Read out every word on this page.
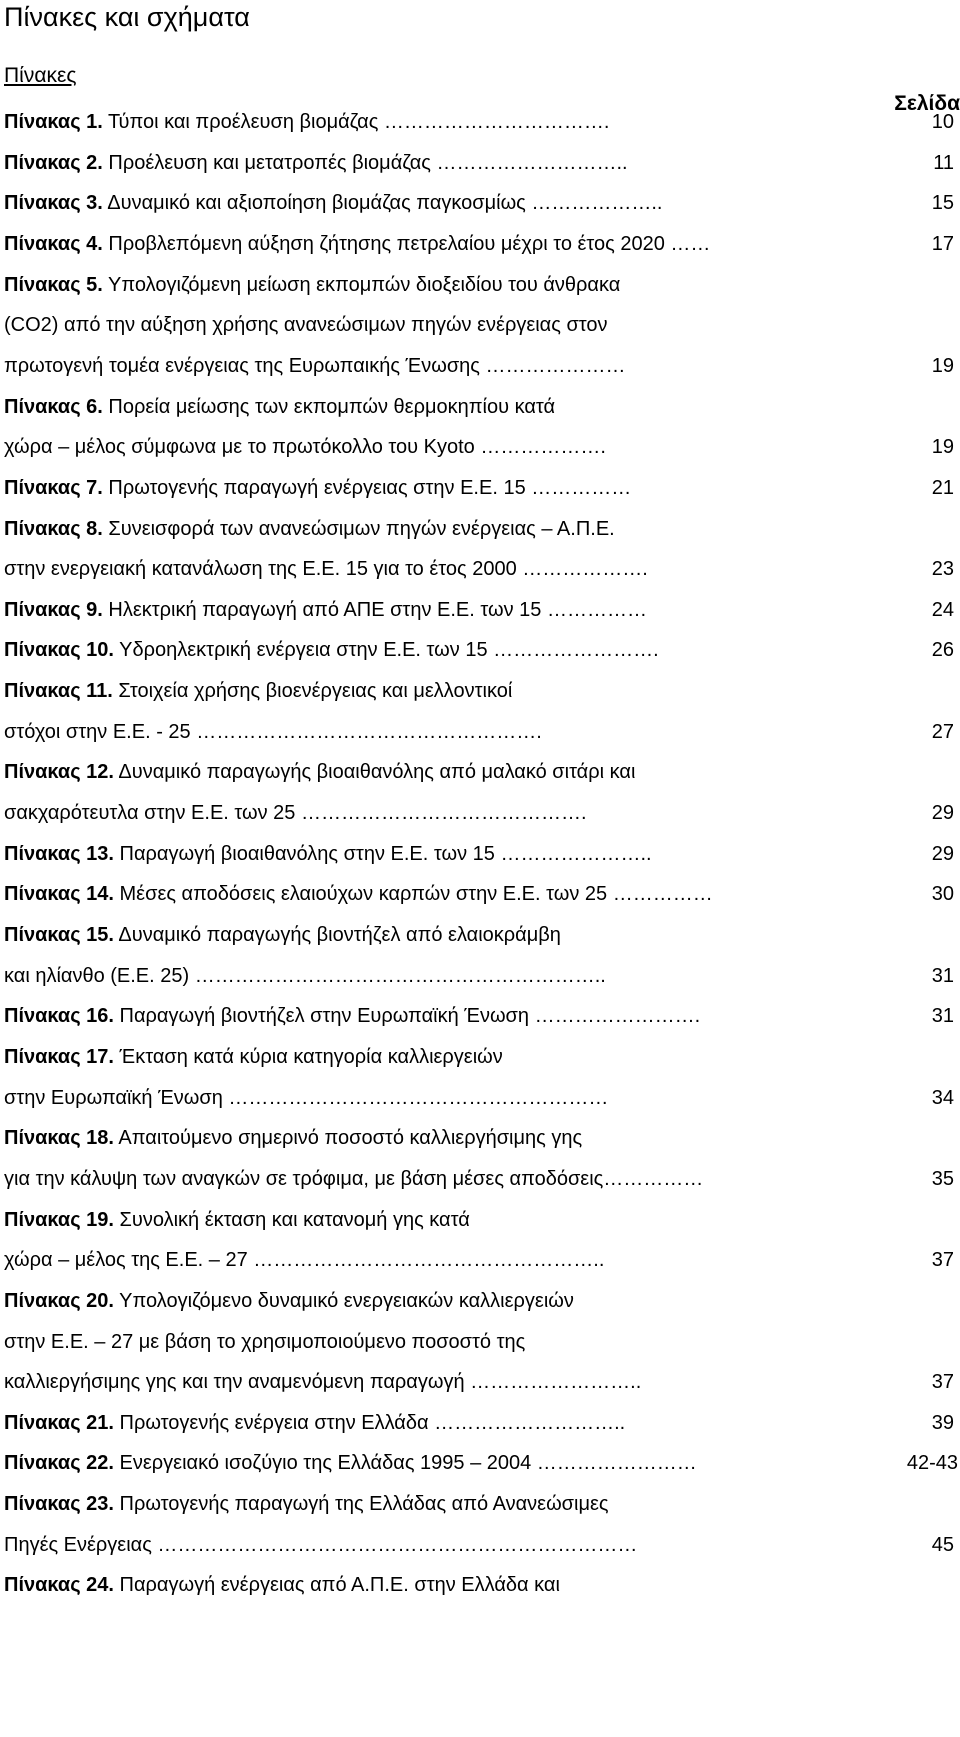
Πίνακες και σχήματα
Πίνακες
Σελίδα
Πίνακας 1. Τύποι και προέλευση βιομάζας …………………………….	10
Πίνακας 2. Προέλευση και μετατροπές βιομάζας ………………………..	11
Πίνακας 3. Δυναμικό και αξιοποίηση βιομάζας παγκοσμίως ………………..	15
Πίνακας 4. Προβλεπόμενη αύξηση ζήτησης πετρελαίου μέχρι το έτος 2020 ……	17
Πίνακας 5. Υπολογιζόμενη μείωση εκπομπών διοξειδίου του άνθρακα
(CO2) από την αύξηση χρήσης ανανεώσιμων πηγών ενέργειας στον
πρωτογενή τομέα ενέργειας της Ευρωπαικής Ένωσης …………………	19
Πίνακας 6. Πορεία μείωσης των εκπομπών θερμοκηπίου κατά
χώρα – μέλος σύμφωνα με το πρωτόκολλο του Kyoto ……………….	19
Πίνακας 7. Πρωτογενής παραγωγή ενέργειας στην Ε.Ε. 15 ……………	21
Πίνακας 8. Συνεισφορά των ανανεώσιμων πηγών ενέργειας – Α.Π.Ε.
στην ενεργειακή κατανάλωση της Ε.Ε. 15 για το έτος 2000 ……………….	23
Πίνακας 9. Ηλεκτρική παραγωγή από ΑΠΕ στην Ε.Ε. των 15 ……………	24
Πίνακας 10. Υδροηλεκτρική ενέργεια στην Ε.Ε. των 15 …………………….	26
Πίνακας 11. Στοιχεία χρήσης βιοενέργειας και μελλοντικοί
στόχοι στην Ε.Ε. - 25 …………………………………………….	27
Πίνακας 12. Δυναμικό παραγωγής βιοαιθανόλης από μαλακό σιτάρι και
σακχαρότευτλα στην Ε.Ε. των 25 …………………………………….	29
Πίνακας 13. Παραγωγή βιοαιθανόλης στην Ε.Ε. των 15 …………………..	29
Πίνακας 14. Μέσες αποδόσεις ελαιούχων καρπών στην Ε.Ε. των 25 ……………	30
Πίνακας 15. Δυναμικό παραγωγής βιοντήζελ από ελαιοκράμβη
και ηλίανθο (Ε.Ε. 25) ……………………………………………………..	31
Πίνακας 16. Παραγωγή βιοντήζελ στην Ευρωπαϊκή Ένωση …………………….	31
Πίνακας 17. Έκταση κατά κύρια κατηγορία καλλιεργειών
στην Ευρωπαϊκή Ένωση …………………………………………………	34
Πίνακας 18. Απαιτούμενο σημερινό ποσοστό καλλιεργήσιμης γης
για την κάλυψη των αναγκών σε τρόφιμα, με βάση μέσες αποδόσεις……………	35
Πίνακας 19. Συνολική έκταση και κατανομή γης κατά
χώρα – μέλος της Ε.Ε. – 27 ……………………………………………..	37
Πίνακας 20. Υπολογιζόμενο δυναμικό ενεργειακών καλλιεργειών
στην Ε.Ε. – 27 με βάση το χρησιμοποιούμενο ποσοστό της
καλλιεργήσιμης γης και την αναμενόμενη παραγωγή ……………………..	37
Πίνακας 21. Πρωτογενής ενέργεια στην Ελλάδα ………………………..	39
Πίνακας 22. Ενεργειακό ισοζύγιο της Ελλάδας 1995 – 2004 ……………………	42-43
Πίνακας 23. Πρωτογενής παραγωγή της Ελλάδας από Ανανεώσιμες
Πηγές Ενέργειας ………………………………………………………………	45
Πίνακας 24. Παραγωγή ενέργειας από Α.Π.Ε. στην Ελλάδα και
